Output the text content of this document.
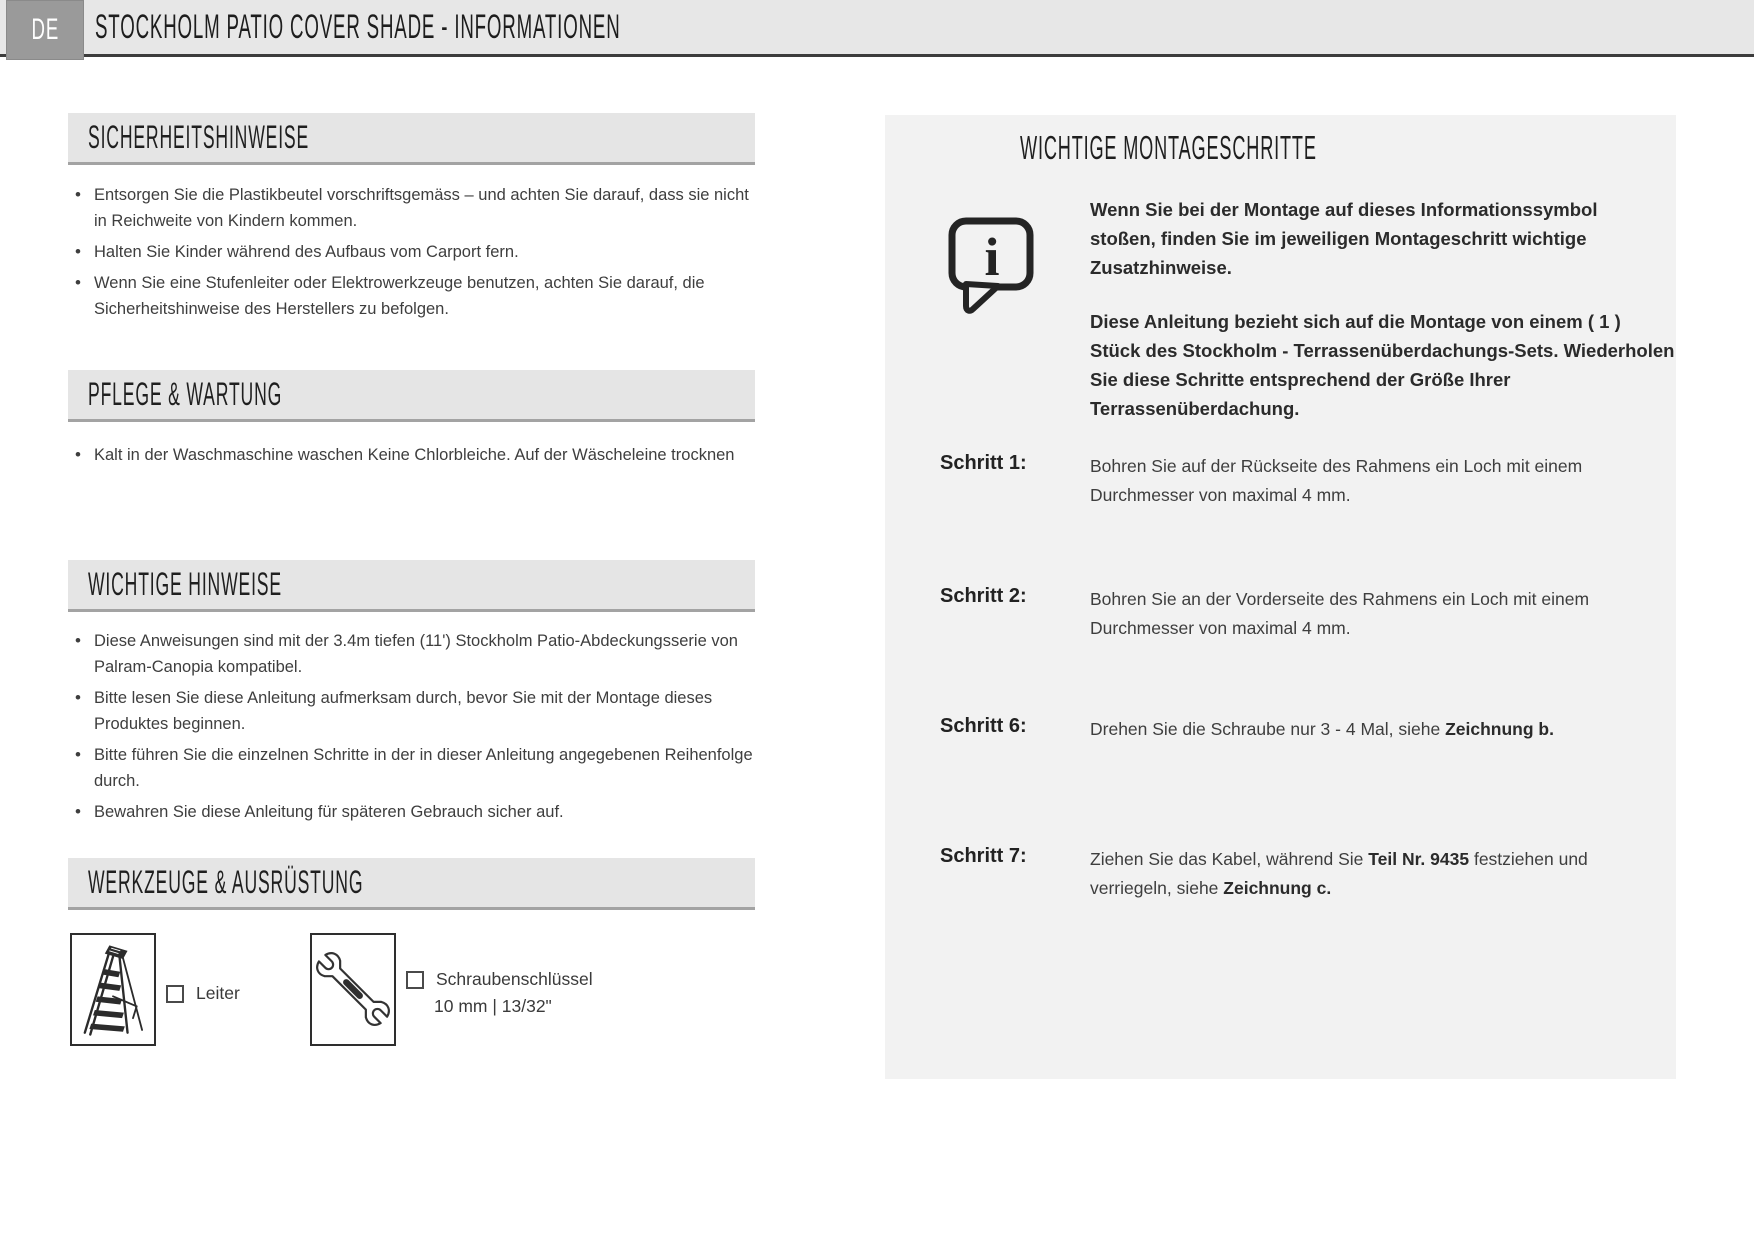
STOCKHOLM PATIO COVER SHADE - INFORMATIONEN
DE
SICHERHEITSHINWEISE
• Entsorgen Sie die Plastikbeutel vorschriftsgemäss – und achten Sie darauf, dass sie nicht in Reichweite von Kindern kommen.
• Halten Sie Kinder während des Aufbaus vom Carport fern.
• Wenn Sie eine Stufenleiter oder Elektrowerkzeuge benutzen, achten Sie darauf, die Sicherheitshinweise des Herstellers zu befolgen.
PFLEGE & WARTUNG
• Kalt in der Waschmaschine waschen Keine Chlorbleiche. Auf der Wäscheleine trocknen
WICHTIGE HINWEISE
• Diese Anweisungen sind mit der 3.4m tiefen (11') Stockholm Patio-Abdeckungsserie von Palram-Canopia kompatibel.
• Bitte lesen Sie diese Anleitung aufmerksam durch, bevor Sie mit der Montage dieses Produktes beginnen.
• Bitte führen Sie die einzelnen Schritte in der in dieser Anleitung angegebenen Reihenfolge durch.
• Bewahren Sie diese Anleitung für späteren Gebrauch sicher auf.
WERKZEUGE & AUSRÜSTUNG
Leiter
Schraubenschlüssel
10 mm | 13/32"
WICHTIGE MONTAGESCHRITTE
i

Wenn Sie bei der Montage auf dieses Informationssymbol stoßen, finden Sie im jeweiligen Montageschritt wichtige Zusatzhinweise.

Diese Anleitung bezieht sich auf die Montage von einem ( 1 ) Stück des Stockholm - Terrassenüberdachungs-Sets. Wiederholen Sie diese Schritte entsprechend der Größe Ihrer Terrassenüberdachung.

Schritt 1:	Bohren Sie auf der Rückseite des Rahmens ein Loch mit einem Durchmesser von maximal 4 mm.
Schritt 2:	Bohren Sie an der Vorderseite des Rahmens ein Loch mit einem Durchmesser von maximal 4 mm.
Schritt 6:	Drehen Sie die Schraube nur 3 - 4 Mal, siehe Zeichnung b.
Schritt 7:	Ziehen Sie das Kabel, während Sie Teil Nr. 9435 festziehen und verriegeln, siehe Zeichnung c.
